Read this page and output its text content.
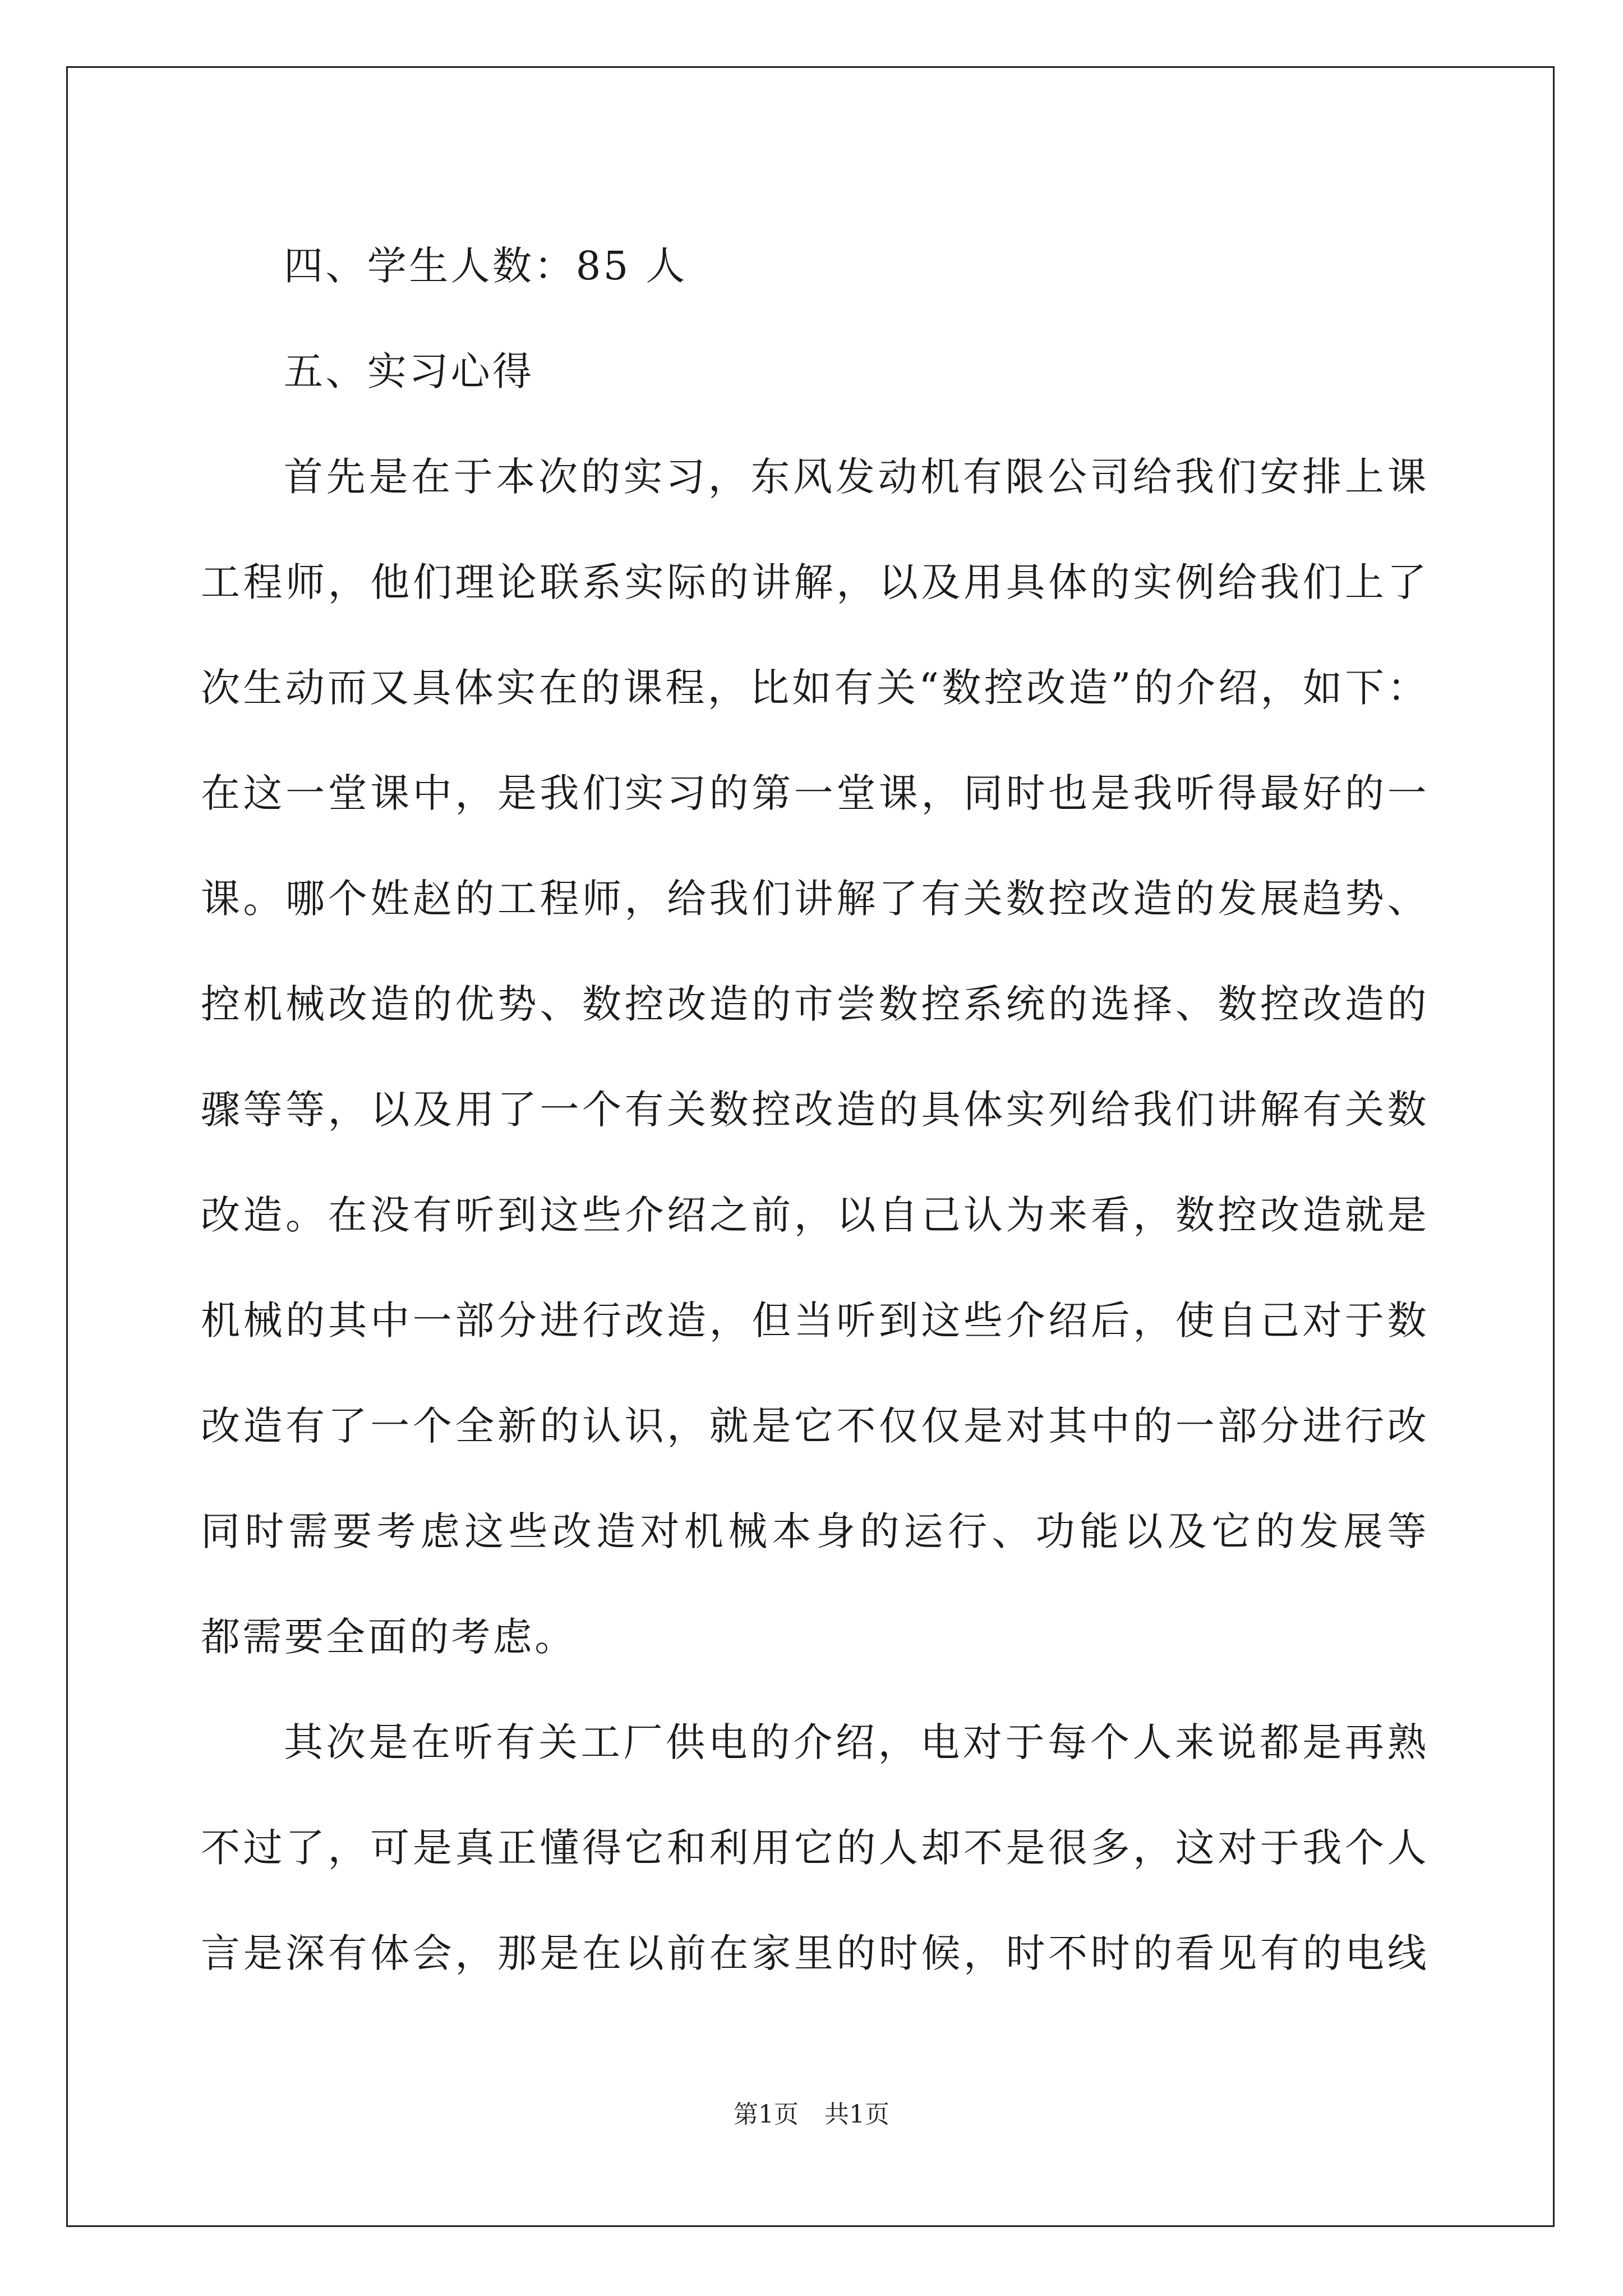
四、学生人数：85 人
五、实习心得
首先是在于本次的实习，东风发动机有限公司给我们安排上课
工程师，他们理论联系实际的讲解，以及用具体的实例给我们上了
次生动而又具体实在的课程，比如有关“数控改造”的介绍，如下：
在这一堂课中，是我们实习的第一堂课，同时也是我听得最好的一
课。哪个姓赵的工程师，给我们讲解了有关数控改造的发展趋势、
控机械改造的优势、数控改造的市尝数控系统的选择、数控改造的
骤等等，以及用了一个有关数控改造的具体实列给我们讲解有关数
改造。在没有听到这些介绍之前，以自己认为来看，数控改造就是
机械的其中一部分进行改造，但当听到这些介绍后，使自己对于数
改造有了一个全新的认识，就是它不仅仅是对其中的一部分进行改
同时需要考虑这些改造对机械本身的运行、功能以及它的发展等
都需要全面的考虑。
其次是在听有关工厂供电的介绍，电对于每个人来说都是再熟
不过了，可是真正懂得它和利用它的人却不是很多，这对于我个人
言是深有体会，那是在以前在家里的时候，时不时的看见有的电线
第1页 共1页
